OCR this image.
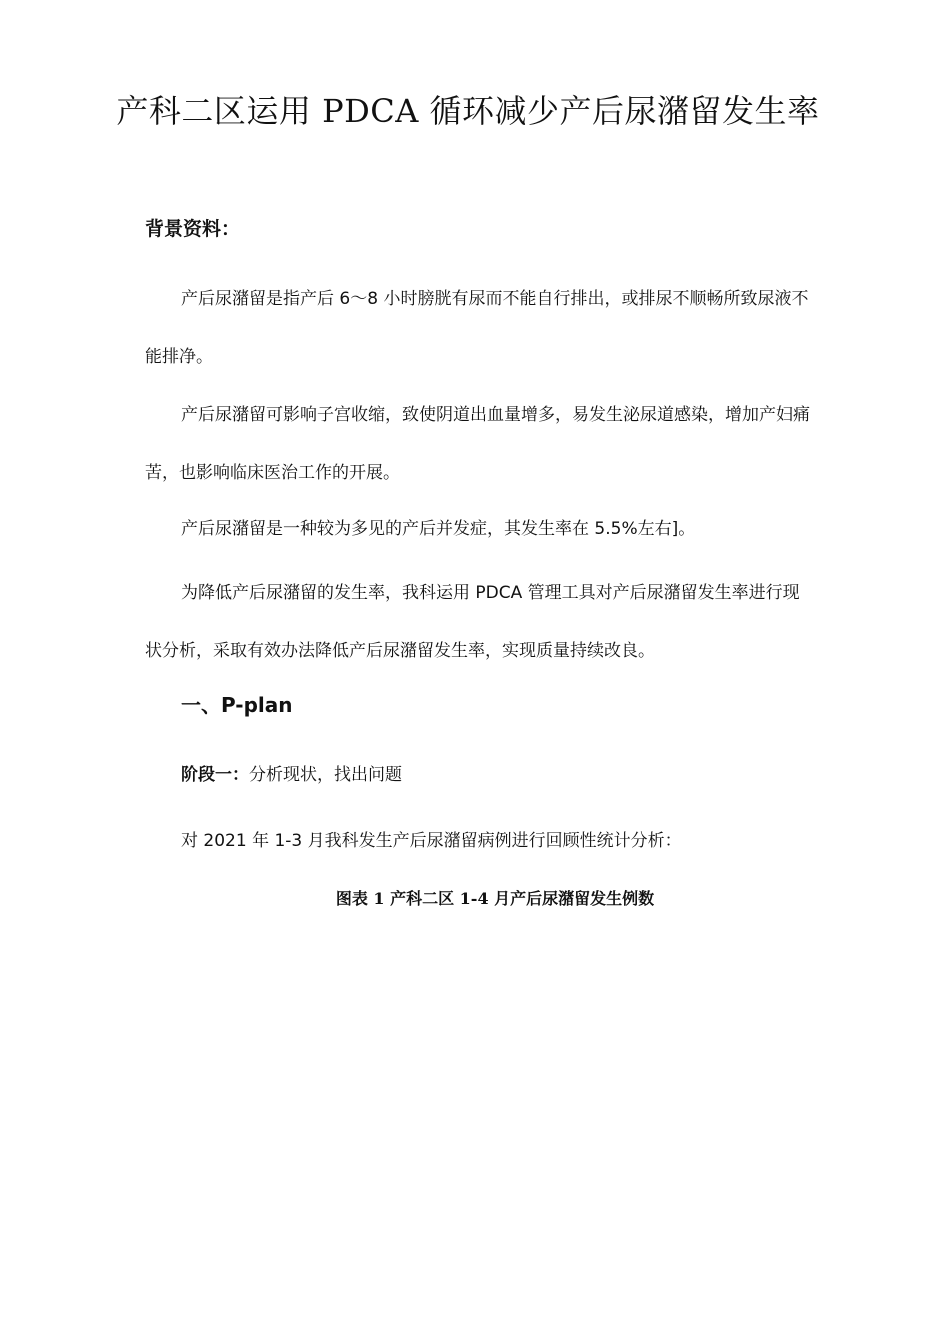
产科二区运用 PDCA 循环减少产后尿潴留发生率

背景资料：

产后尿潴留是指产后 6～8 小时膀胱有尿而不能自行排出，或排尿不顺畅所致尿液不能排净。

产后尿潴留可影响子宫收缩，致使阴道出血量增多，易发生泌尿道感染，增加产妇痛苦，也影响临床医治工作的开展。

产后尿潴留是一种较为多见的产后并发症，其发生率在 5.5%左右]。

为降低产后尿潴留的发生率，我科运用 PDCA 管理工具对产后尿潴留发生率进行现状分析，采取有效办法降低产后尿潴留发生率，实现质量持续改良。

一、P-plan

阶段一：分析现状，找出问题

对 2021 年 1-3 月我科发生产后尿潴留病例进行回顾性统计分析：

图表 1 产科二区 1-4 月产后尿潴留发生例数
